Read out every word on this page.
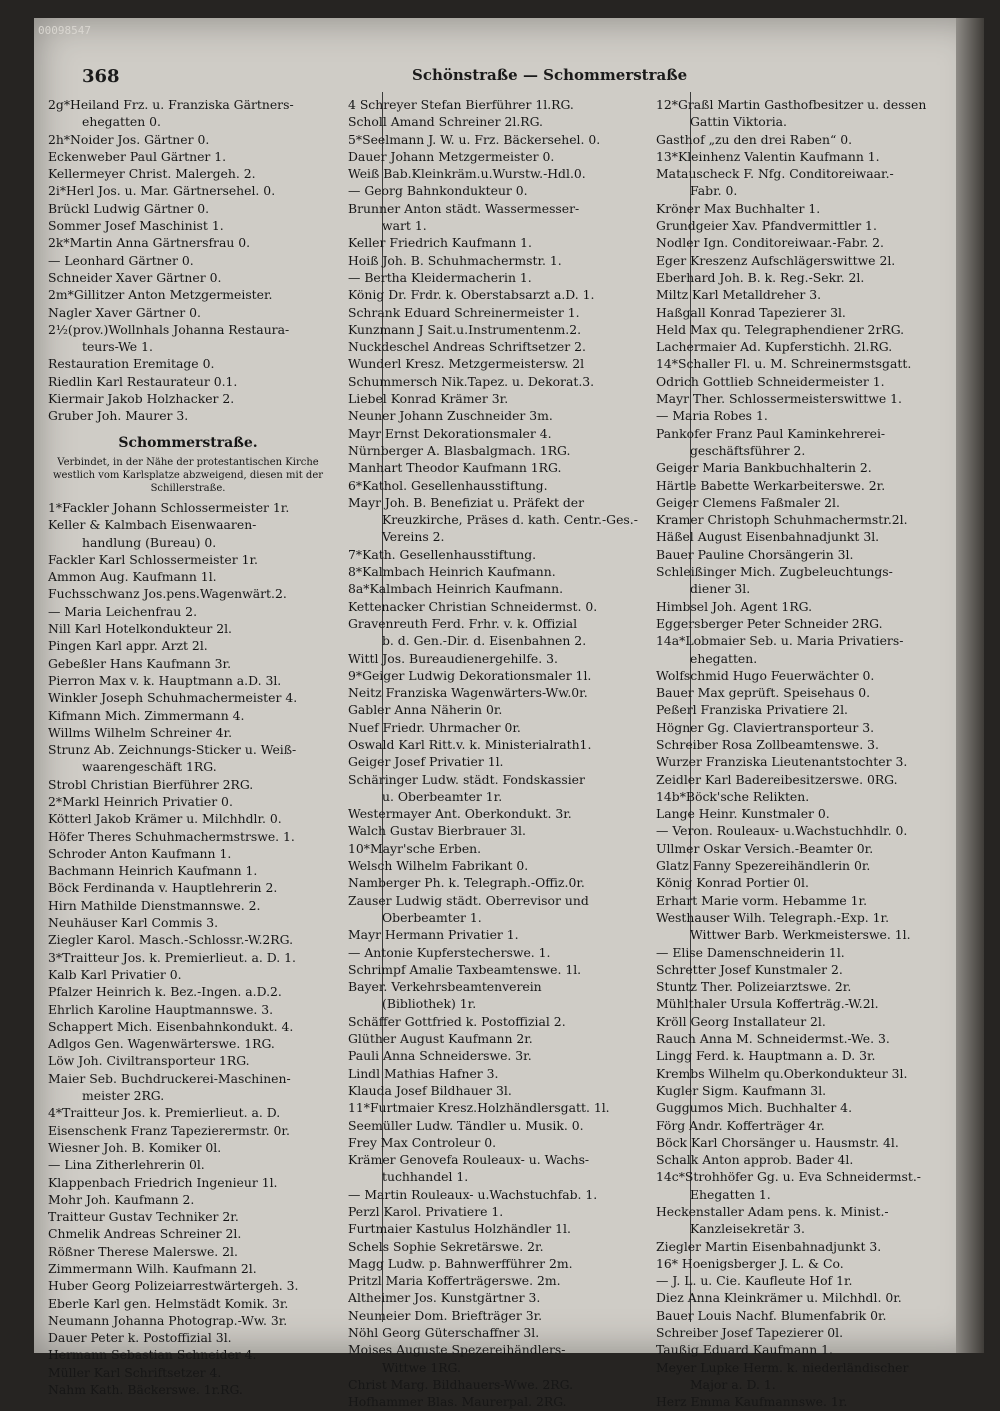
00098547
368	Schönstraße — Schommerstraße
2g*Heiland Frz. u. Franziska Gärtners-
ehegatten 0.
2h*Noider Jos. Gärtner 0.
Eckenweber Paul Gärtner 1.
Kellermeyer Christ. Malergeh. 2.
2i*Herl Jos. u. Mar. Gärtnersehel. 0.
Brückl Ludwig Gärtner 0.
Sommer Josef Maschinist 1.
2k*Martin Anna Gärtnersfrau 0.
— Leonhard Gärtner 0.
Schneider Xaver Gärtner 0.
2m*Gillitzer Anton Metzgermeister.
Nagler Xaver Gärtner 0.
2½(prov.)Wollnhals Johanna Restaura-
teurs-We 1.
Restauration Eremitage 0.
Riedlin Karl Restaurateur 0.1.
Kiermair Jakob Holzhacker 2.
Gruber Joh. Maurer 3.
Schommerstraße.
Verbindet, in der Nähe der protestantischen Kirche
westlich vom Karlsplatze abzweigend, diesen mit der
Schillerstraße.
1*Fackler Johann Schlossermeister 1r.
Keller & Kalmbach Eisenwaaren-
handlung (Bureau) 0.
Fackler Karl Schlossermeister 1r.
Ammon Aug. Kaufmann 1l.
Fuchsschwanz Jos.pens.Wagenwärt.2.
— Maria Leichenfrau 2.
Nill Karl Hotelkondukteur 2l.
Pingen Karl appr. Arzt 2l.
Gebeßler Hans Kaufmann 3r.
Pierron Max v. k. Hauptmann a.D. 3l.
Winkler Joseph Schuhmachermeister 4.
Kifmann Mich. Zimmermann 4.
Willms Wilhelm Schreiner 4r.
Strunz Ab. Zeichnungs-Sticker u. Weiß-
waarengeschäft 1RG.
Strobl Christian Bierführer 2RG.
2*Markl Heinrich Privatier 0.
Kötterl Jakob Krämer u. Milchhdlr. 0.
Höfer Theres Schuhmachermstrswe. 1.
Schroder Anton Kaufmann 1.
Bachmann Heinrich Kaufmann 1.
Böck Ferdinanda v. Hauptlehrerin 2.
Hirn Mathilde Dienstmannswe. 2.
Neuhäuser Karl Commis 3.
Ziegler Karol. Masch.-Schlossr.-W.2RG.
3*Traitteur Jos. k. Premierlieut. a. D. 1.
Kalb Karl Privatier 0.
Pfalzer Heinrich k. Bez.-Ingen. a.D.2.
Ehrlich Karoline Hauptmannswe. 3.
Schappert Mich. Eisenbahnkondukt. 4.
Adlgos Gen. Wagenwärterswe. 1RG.
Löw Joh. Civiltransporteur 1RG.
Maier Seb. Buchdruckerei-Maschinen-
meister 2RG.
4*Traitteur Jos. k. Premierlieut. a. D.
Eisenschenk Franz Tapezierermstr. 0r.
Wiesner Joh. B. Komiker 0l.
— Lina Zitherlehrerin 0l.
Klappenbach Friedrich Ingenieur 1l.
Mohr Joh. Kaufmann 2.
Traitteur Gustav Techniker 2r.
Chmelik Andreas Schreiner 2l.
Rößner Therese Malerswe. 2l.
Zimmermann Wilh. Kaufmann 2l.
Huber Georg Polizeiarrestwärtergeh. 3.
Eberle Karl gen. Helmstädt Komik. 3r.
Neumann Johanna Photograp.-Ww. 3r.
Dauer Peter k. Postoffizial 3l.
Hermann Sebastian Schneider 4.
Müller Karl Schriftsetzer 4.
Nahm Kath. Bäckerswe. 1r.RG.
4 Schreyer Stefan Bierführer 1l.RG.
Scholl Amand Schreiner 2l.RG.
5*Seelmann J. W. u. Frz. Bäckersehel. 0.
Dauer Johann Metzgermeister 0.
Weiß Bab.Kleinkräm.u.Wurstw.-Hdl.0.
— Georg Bahnkondukteur 0.
Brunner Anton städt. Wassermesser-
wart 1.
Keller Friedrich Kaufmann 1.
Hoiß Joh. B. Schuhmachermstr. 1.
— Bertha Kleidermacherin 1.
König Dr. Frdr. k. Oberstabsarzt a.D. 1.
Schrank Eduard Schreinermeister 1.
Kunzmann J Sait.u.Instrumentenm.2.
Nuckdeschel Andreas Schriftsetzer 2.
Wunderl Kresz. Metzgermeistersw. 2l
Schummersch Nik.Tapez. u. Dekorat.3.
Liebel Konrad Krämer 3r.
Neuner Johann Zuschneider 3m.
Mayr Ernst Dekorationsmaler 4.
Nürnberger A. Blasbalgmach. 1RG.
Manhart Theodor Kaufmann 1RG.
6*Kathol. Gesellenhausstiftung.
Mayr Joh. B. Benefiziat u. Präfekt der
Kreuzkirche, Präses d. kath. Centr.-Ges.-
Vereins 2.
7*Kath. Gesellenhausstiftung.
8*Kalmbach Heinrich Kaufmann.
8a*Kalmbach Heinrich Kaufmann.
Kettenacker Christian Schneidermst. 0.
Gravenreuth Ferd. Frhr. v. k. Offizial
b. d. Gen.-Dir. d. Eisenbahnen 2.
Wittl Jos. Bureaudienergehilfe. 3.
9*Geiger Ludwig Dekorationsmaler 1l.
Neitz Franziska Wagenwärters-Ww.0r.
Gabler Anna Näherin 0r.
Nuef Friedr. Uhrmacher 0r.
Oswald Karl Ritt.v. k. Ministerialrath1.
Geiger Josef Privatier 1l.
Schäringer Ludw. städt. Fondskassier
u. Oberbeamter 1r.
Westermayer Ant. Oberkondukt. 3r.
Walch Gustav Bierbrauer 3l.
10*Mayr'sche Erben.
Welsch Wilhelm Fabrikant 0.
Namberger Ph. k. Telegraph.-Offiz.0r.
Zauser Ludwig städt. Oberrevisor und
Oberbeamter 1.
Mayr Hermann Privatier 1.
— Antonie Kupferstecherswe. 1.
Schrimpf Amalie Taxbeamtenswe. 1l.
Bayer. Verkehrsbeamtenverein
(Bibliothek) 1r.
Schäffer Gottfried k. Postoffizial 2.
Glüther August Kaufmann 2r.
Pauli Anna Schneiderswe. 3r.
Lindl Mathias Hafner 3.
Klauda Josef Bildhauer 3l.
11*Furtmaier Kresz.Holzhändlersgatt. 1l.
Seemüller Ludw. Tändler u. Musik. 0.
Frey Max Controleur 0.
Krämer Genovefa Rouleaux- u. Wachs-
tuchhandel 1.
— Martin Rouleaux- u.Wachstuchfab. 1.
Perzl Karol. Privatiere 1.
Furtmaier Kastulus Holzhändler 1l.
Schels Sophie Sekretärswe. 2r.
Magg Ludw. p. Bahnwerfführer 2m.
Pritzl Maria Kofferträgerswe. 2m.
Altheimer Jos. Kunstgärtner 3.
Neumeier Dom. Briefträger 3r.
Nöhl Georg Güterschaffner 3l.
Moises Auguste Spezereihändlers-
Wittwe 1RG.
Christ Marg. Bildhauers-Wwe. 2RG.
Hofhammer Blas. Maurerpal. 2RG.
12*Graßl Martin Gasthofbesitzer u. dessen
Gattin Viktoria.
Gasthof „zu den drei Raben“ 0.
13*Kleinhenz Valentin Kaufmann 1.
Matauscheck F. Nfg. Conditoreiwaar.-
Fabr. 0.
Kröner Max Buchhalter 1.
Grundgeier Xav. Pfandvermittler 1.
Nodler Ign. Conditoreiwaar.-Fabr. 2.
Eger Kreszenz Aufschlägerswittwe 2l.
Eberhard Joh. B. k. Reg.-Sekr. 2l.
Miltz Karl Metalldreher 3.
Haßgall Konrad Tapezierer 3l.
Held Max qu. Telegraphendiener 2rRG.
Lachermaier Ad. Kupferstichh. 2l.RG.
14*Schaller Fl. u. M. Schreinermstsgatt.
Odrich Gottlieb Schneidermeister 1.
Mayr Ther. Schlossermeisterswittwe 1.
— Maria Robes 1.
Pankofer Franz Paul Kaminkehrerei-
geschäftsführer 2.
Geiger Maria Bankbuchhalterin 2.
Härtle Babette Werkarbeiterswe. 2r.
Geiger Clemens Faßmaler 2l.
Kramer Christoph Schuhmachermstr.2l.
Häßel August Eisenbahnadjunkt 3l.
Bauer Pauline Chorsängerin 3l.
Schleißinger Mich. Zugbeleuchtungs-
diener 3l.
Himbsel Joh. Agent 1RG.
Eggersberger Peter Schneider 2RG.
14a*Lobmaier Seb. u. Maria Privatiers-
ehegatten.
Wolfschmid Hugo Feuerwächter 0.
Bauer Max geprüft. Speisehaus 0.
Peßerl Franziska Privatiere 2l.
Högner Gg. Claviertransporteur 3.
Schreiber Rosa Zollbeamtenswe. 3.
Wurzer Franziska Lieutenantstochter 3.
Zeidler Karl Badereibesitzerswe. 0RG.
14b*Böck'sche Relikten.
Lange Heinr. Kunstmaler 0.
— Veron. Rouleaux- u.Wachstuchhdlr. 0.
Ullmer Oskar Versich.-Beamter 0r.
Glatz Fanny Spezereihändlerin 0r.
König Konrad Portier 0l.
Erhart Marie vorm. Hebamme 1r.
Westhauser Wilh. Telegraph.-Exp. 1r.
Wittwer Barb. Werkmeisterswe. 1l.
— Elise Damenschneiderin 1l.
Schretter Josef Kunstmaler 2.
Stuntz Ther. Polizeiarztswe. 2r.
Mühlthaler Ursula Kofferträg.-W.2l.
Kröll Georg Installateur 2l.
Rauch Anna M. Schneidermst.-We. 3.
Lingg Ferd. k. Hauptmann a. D. 3r.
Krembs Wilhelm qu.Oberkondukteur 3l.
Kugler Sigm. Kaufmann 3l.
Guggumos Mich. Buchhalter 4.
Förg Andr. Kofferträger 4r.
Böck Karl Chorsänger u. Hausmstr. 4l.
Schalk Anton approb. Bader 4l.
14c*Strohhöfer Gg. u. Eva Schneidermst.-
Ehegatten 1.
Heckenstaller Adam pens. k. Minist.-
Kanzleisekretär 3.
Ziegler Martin Eisenbahnadjunkt 3.
16* Hoenigsberger J. L. & Co.
— J. L. u. Cie. Kaufleute Hof 1r.
Diez Anna Kleinkrämer u. Milchhdl. 0r.
Bauer Louis Nachf. Blumenfabrik 0r.
Schreiber Josef Tapezierer 0l.
Taußig Eduard Kaufmann 1.
Meyer Lupke Herm. k. niederländischer
Major a. D. 1.
Herz Emma Kaufmannswe. 1r.
